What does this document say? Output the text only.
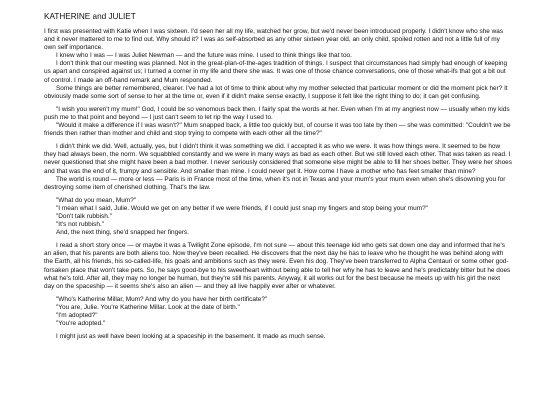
KATHERINE and JULIET

I first was presented with Katie when I was sixteen. I'd seen her all my life, watched her grow, but we'd never been introduced properly. I didn't know who she was and it never mattered to me to find out. Why should it? I was as self-absorbed as any other sixteen year old, an only child, spoiled rotten and not a little full of my own self importance.

I knew who I was — I was Juliet Newman — and the future was mine. I used to think things like that too.

I don't think that our meeting was planned. Not in the great-plan-of-the-ages tradition of things. I suspect that circumstances had simply had enough of keeping us apart and conspired against us; I turned a corner in my life and there she was. It was one of those chance conversations, one of those what-ifs that got a bit out of control. I made an off-hand remark and Mum responded.

Some things are better remembered, clearer. I've had a lot of time to think about why my mother selected that particular moment or did the moment pick her? It obviously made some sort of sense to her at the time or, even if it didn't make sense exactly, I suppose it felt like the right thing to do; it can get confusing.

"I wish you weren't my mum!" God, I could be so venomous back then. I fairly spat the words at her. Even when I'm at my angriest now — usually when my kids push me to that point and beyond — I just can't seem to let rip the way I used to.

"Would it make a difference if I was wasn't?" Mum snapped back, a little too quickly but, of course it was too late by then — she was committed: "Couldn't we be friends then rather than mother and child and stop trying to compete with each other all the time?"

I didn't think we did. Well, actually, yes, but I didn't think it was something we did. I accepted it as who we were. It was how things were. It seemed to be how they had always been, the norm. We squabbled constantly and we were in many ways as bad as each other. But we still loved each other. That was taken as read. I never questioned that she might have been a bad mother. I never seriously considered that someone else might be able to fill her shoes better. They were her shoes and that was the end of it, frumpy and sensible. And smaller than mine. I could never get it. How come I have a mother who has feet smaller than mine?

The world is round — more or less — Paris is in France most of the time, when it's not in Texas and your mum's your mum even when she's disowning you for destroying some item of cherished clothing. That's the law.

"What do you mean, Mum?"

"I mean what I said, Julie. Would we get on any better if we were friends, if I could just snap my fingers and stop being your mum?"

"Don't talk rubbish."

"It's not rubbish."

And, the next thing, she'd snapped her fingers.

I read a short story once — or maybe it was a Twilight Zone episode, I'm not sure — about this teenage kid who gets sat down one day and informed that he's an alien, that his parents are both aliens too. Now they've been recalled. He discovers that the next day he has to leave who he thought he was behind along with the Earth, all his friends, his so-called-life, his goals and ambitions such as they were. Even his dog. They've been transferred to Alpha Centauri or some other god-forsaken place that won't take pets. So, he says good-bye to his sweetheart without being able to tell her why he has to leave and he's predictably bitter but he does what he's told. After all, they may no longer be human, but they're still his parents. Anyway, it all works out for the best because he meets up with his girl the next day on the spaceship — it seems she's also an alien — and they all live happily ever after or whatever.

"Who's Katherine Millar, Mum? And why do you have her birth certificate?"

"You are, Julie. You're Katherine Millar. Look at the date of birth."

"I'm adopted?"

"You're adopted."

I might just as well have been looking at a spaceship in the basement. It made as much sense.
